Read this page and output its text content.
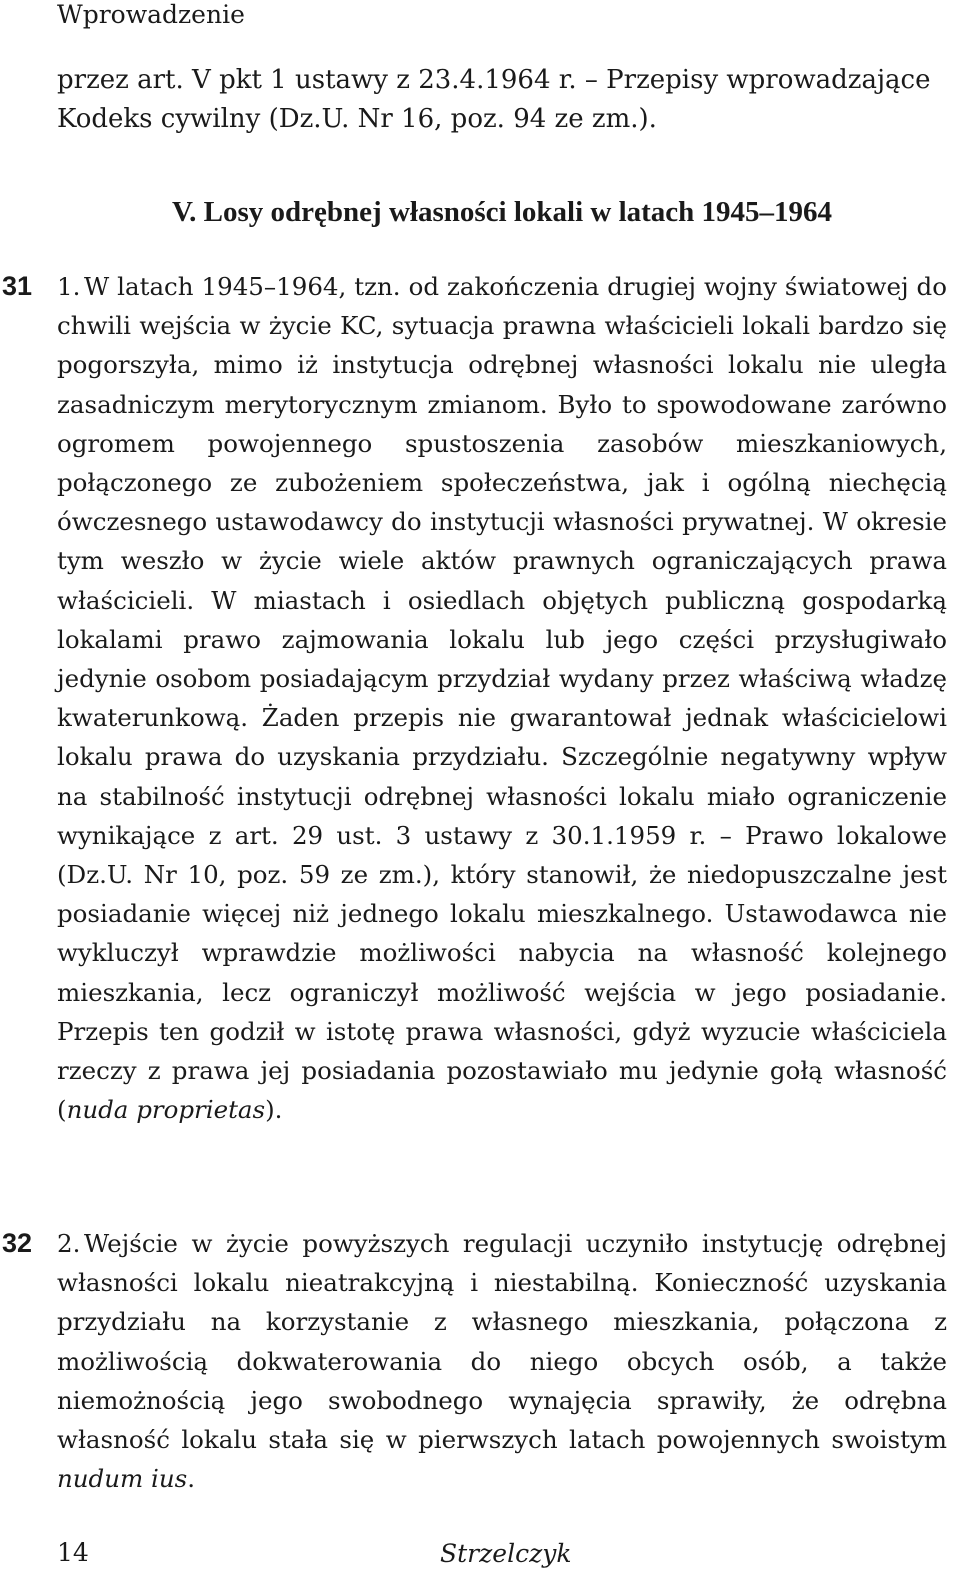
Wprowadzenie

przez art. V pkt 1 ustawy z 23.4.1964 r. – Przepisy wprowadzające Kodeks cywilny (Dz.U. Nr 16, poz. 94 ze zm.).

V. Losy odrębnej własności lokali w latach 1945–1964
31 1. W latach 1945–1964, tzn. od zakończenia drugiej wojny światowej do chwili wejścia w życie KC, sytuacja prawna właścicieli lokali bardzo się pogorszyła, mimo iż instytucja odrębnej własności lokalu nie uległa zasadniczym merytorycznym zmianom. Było to spowodowane zarówno ogromem powojennego spustoszenia zasobów mieszkaniowych, połączonego ze zubożeniem społeczeństwa, jak i ogólną niechęcią ówczesnego ustawodawcy do instytucji własności prywatnej. W okresie tym weszło w życie wiele aktów prawnych ograniczających prawa właścicieli. W miastach i osiedlach objętych publiczną gospodarką lokalami prawo zajmowania lokalu lub jego części przysługiwało jedynie osobom posiadającym przydział wydany przez właściwą władzę kwaterunkową. Żaden przepis nie gwarantował jednak właścicielowi lokalu prawa do uzyskania przydziału. Szczególnie negatywny wpływ na stabilność instytucji odrębnej własności lokalu miało ograniczenie wynikające z art. 29 ust. 3 ustawy z 30.1.1959 r. – Prawo lokalowe (Dz.U. Nr 10, poz. 59 ze zm.), który stanowił, że niedopuszczalne jest posiadanie więcej niż jednego lokalu mieszkalnego. Ustawodawca nie wykluczył wprawdzie możliwości nabycia na własność kolejnego mieszkania, lecz ograniczył możliwość wejścia w jego posiadanie. Przepis ten godził w istotę prawa własności, gdyż wyzucie właściciela rzeczy z prawa jej posiadania pozostawiało mu jedynie gołą własność (nuda proprietas).

32 2. Wejście w życie powyższych regulacji uczyniło instytucję odrębnej własności lokalu nieatrakcyjną i niestabilną. Konieczność uzyskania przydziału na korzystanie z własnego mieszkania, połączona z możliwością dokwaterowania do niego obcych osób, a także niemożnością jego swobodnego wynajęcia sprawiły, że odrębna własność lokalu stała się w pierwszych latach powojennych swoistym nudum ius.

14	Strzelczyk
